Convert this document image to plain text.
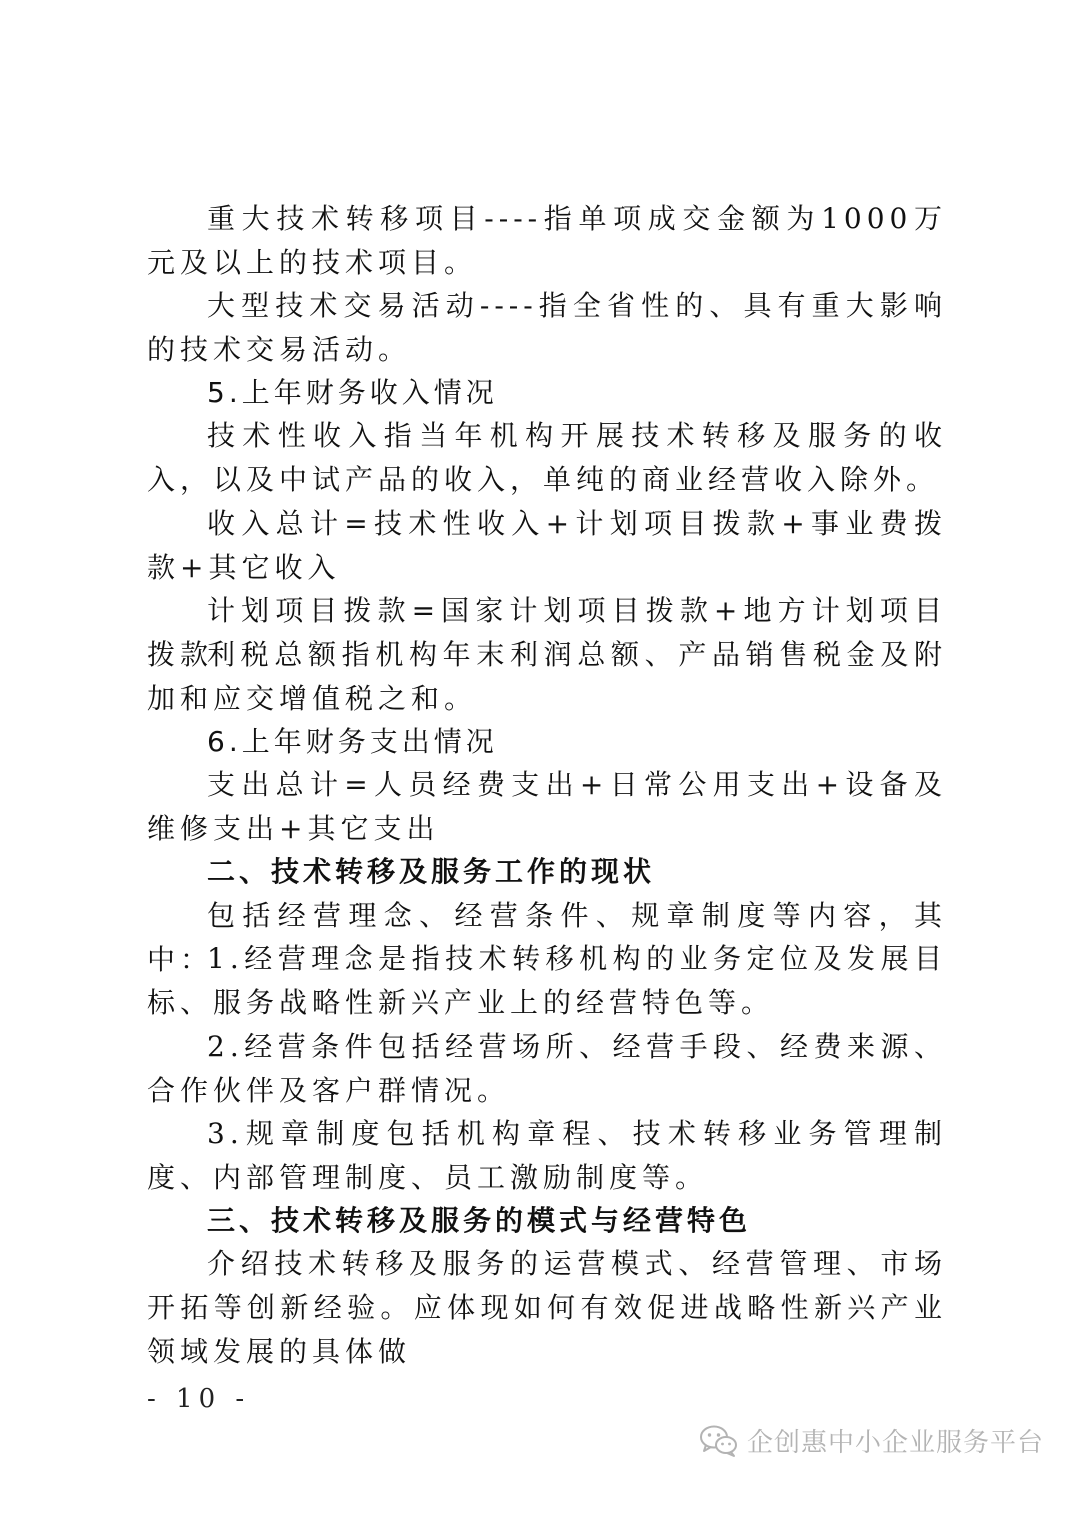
重大技术转移项目----指单项成交金额为1000万元及以上的技术项目。

大型技术交易活动----指全省性的、具有重大影响的技术交易活动。

5.上年财务收入情况

技术性收入指当年机构开展技术转移及服务的收入，以及中试产品的收入，单纯的商业经营收入除外。

收入总计=技术性收入+计划项目拨款+事业费拨款+其它收入

计划项目拨款=国家计划项目拨款+地方计划项目拨款

利税总额指机构年末利润总额、产品销售税金及附加和应交增值税之和。

6.上年财务支出情况

支出总计=人员经费支出+日常公用支出+设备及维修支出+其它支出

二、技术转移及服务工作的现状

包括经营理念、经营条件、规章制度等内容，其中：

1.经营理念是指技术转移机构的业务定位及发展目标、服务战略性新兴产业上的经营特色等。

2.经营条件包括经营场所、经营手段、经费来源、合作伙伴及客户群情况。

3.规章制度包括机构章程、技术转移业务管理制度、内部管理制度、员工激励制度等。

三、技术转移及服务的模式与经营特色

介绍技术转移及服务的运营模式、经营管理、市场开拓等创新经验。应体现如何有效促进战略性新兴产业领域发展的具体做

- 10 -
企创惠中小企业服务平台
